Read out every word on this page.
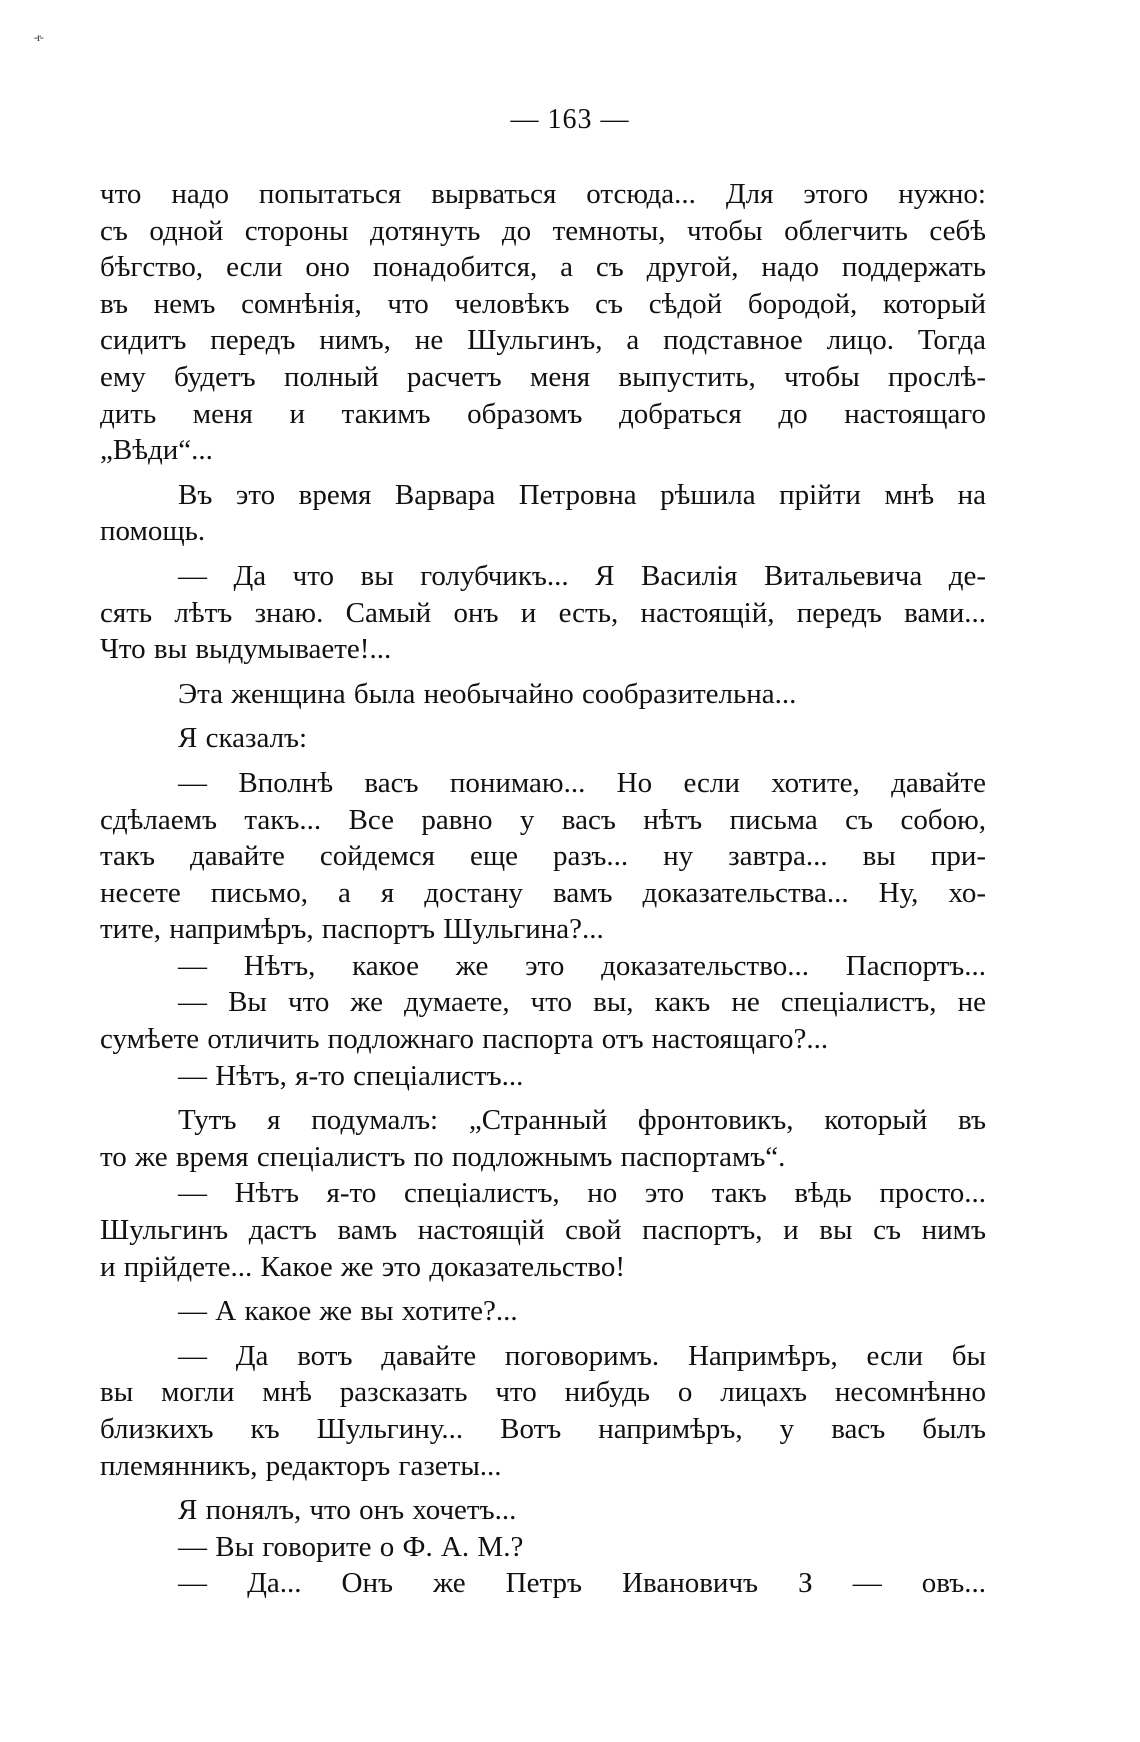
-r-
— 163 —
что надо попытаться вырваться отсюда... Для этого нужно:
съ одной стороны дотянуть до темноты, чтобы облегчить себѣ
бѣгство, если оно понадобится, а съ другой, надо поддержать
въ немъ сомнѣнія, что человѣкъ съ сѣдой бородой, который
сидитъ передъ нимъ, не Шульгинъ, а подставное лицо. Тогда
ему будетъ полный расчетъ меня выпустить, чтобы прослѣ-
дить меня и такимъ образомъ добраться до настоящаго
„Вѣди“...
Въ это время Варвара Петровна рѣшила прійти мнѣ на
помощь.
— Да что вы голубчикъ... Я Василія Витальевича де-
сять лѣтъ знаю. Самый онъ и есть, настоящій, передъ вами...
Что вы выдумываете!...
Эта женщина была необычайно сообразительна...
Я сказалъ:
— Вполнѣ васъ понимаю... Но если хотите, давайте
сдѣлаемъ такъ... Все равно у васъ нѣтъ письма съ собою,
такъ давайте сойдемся еще разъ... ну завтра... вы при-
несете письмо, а я достану вамъ доказательства... Ну, хо-
тите, напримѣръ, паспортъ Шульгина?...
— Нѣтъ, какое же это доказательство... Паспортъ...
— Вы что же думаете, что вы, какъ не спеціалистъ, не
сумѣете отличить подложнаго паспорта отъ настоящаго?...
— Нѣтъ, я-то спеціалистъ...
Тутъ я подумалъ: „Странный фронтовикъ, который въ
то же время спеціалистъ по подложнымъ паспортамъ“.
— Нѣтъ я-то спеціалистъ, но это такъ вѣдь просто...
Шульгинъ дастъ вамъ настоящій свой паспортъ, и вы съ нимъ
и прійдете... Какое же это доказательство!
— А какое же вы хотите?...
— Да вотъ давайте поговоримъ. Напримѣръ, если бы
вы могли мнѣ разсказать что нибудь о лицахъ несомнѣнно
близкихъ къ Шульгину... Вотъ напримѣръ, у васъ былъ
племянникъ, редакторъ газеты...
Я понялъ, что онъ хочетъ...
— Вы говорите о Ф. А. М.?
— Да... Онъ же Петръ Ивановичъ З — овъ...
